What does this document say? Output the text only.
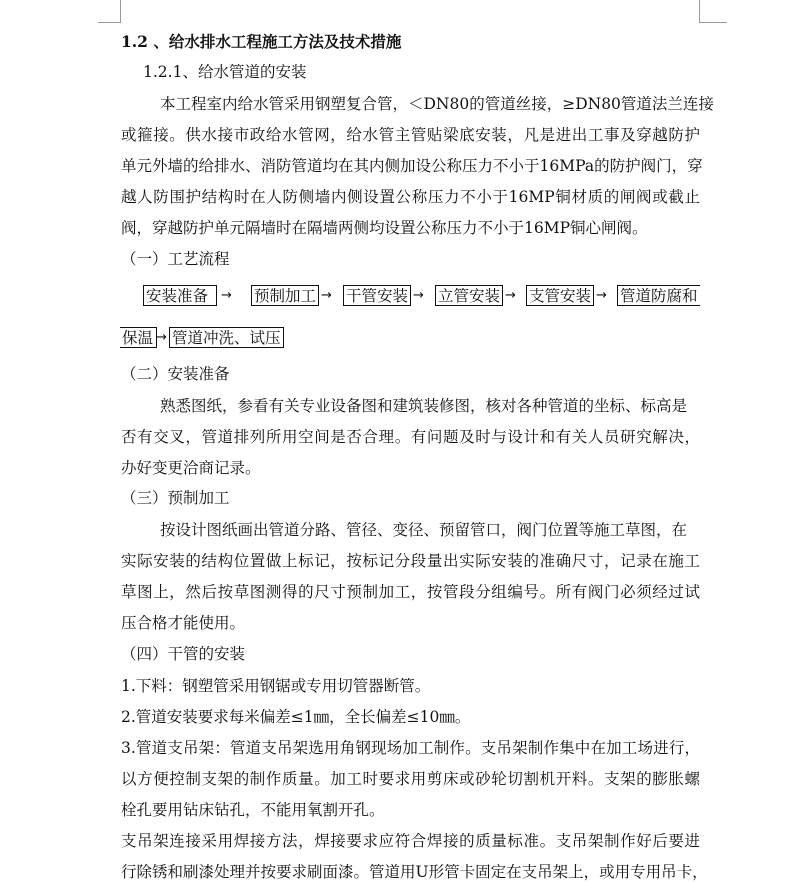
1.2 、给水排水工程施工方法及技术措施
1.2.1、给水管道的安装
本工程室内给水管采用钢塑复合管，＜DN80的管道丝接，≥DN80管道法兰连接
或箍接。供水接市政给水管网，给水管主管贴梁底安装，凡是进出工事及穿越防护
单元外墙的给排水、消防管道均在其内侧加设公称压力不小于16MPa的防护阀门，穿
越人防围护结构时在人防侧墙内侧设置公称压力不小于16MP铜材质的闸阀或截止
阀，穿越防护单元隔墙时在隔墙两侧均设置公称压力不小于16MP铜心闸阀。
（一）工艺流程
安装准备 → 预制加工 → 干管安装 → 立管安装 → 支管安装 → 管道防腐和
保温 → 管道冲洗、试压
（二）安装准备
熟悉图纸，参看有关专业设备图和建筑装修图，核对各种管道的坐标、标高是
否有交叉，管道排列所用空间是否合理。有问题及时与设计和有关人员研究解决，
办好变更洽商记录。
（三）预制加工
按设计图纸画出管道分路、管径、变径、预留管口，阀门位置等施工草图，在
实际安装的结构位置做上标记，按标记分段量出实际安装的准确尺寸，记录在施工
草图上，然后按草图测得的尺寸预制加工，按管段分组编号。所有阀门必须经过试
压合格才能使用。
（四）干管的安装
1.下料：钢塑管采用钢锯或专用切管器断管。
2.管道安装要求每米偏差≤1㎜，全长偏差≤10㎜。
3.管道支吊架：管道支吊架选用角钢现场加工制作。支吊架制作集中在加工场进行，
以方便控制支架的制作质量。加工时要求用剪床或砂轮切割机开料。支架的膨胀螺
栓孔要用钻床钻孔，不能用氧割开孔。
支吊架连接采用焊接方法，焊接要求应符合焊接的质量标准。支吊架制作好后要进
行除锈和刷漆处理并按要求刷面漆。管道用U形管卡固定在支吊架上，或用专用吊卡，
